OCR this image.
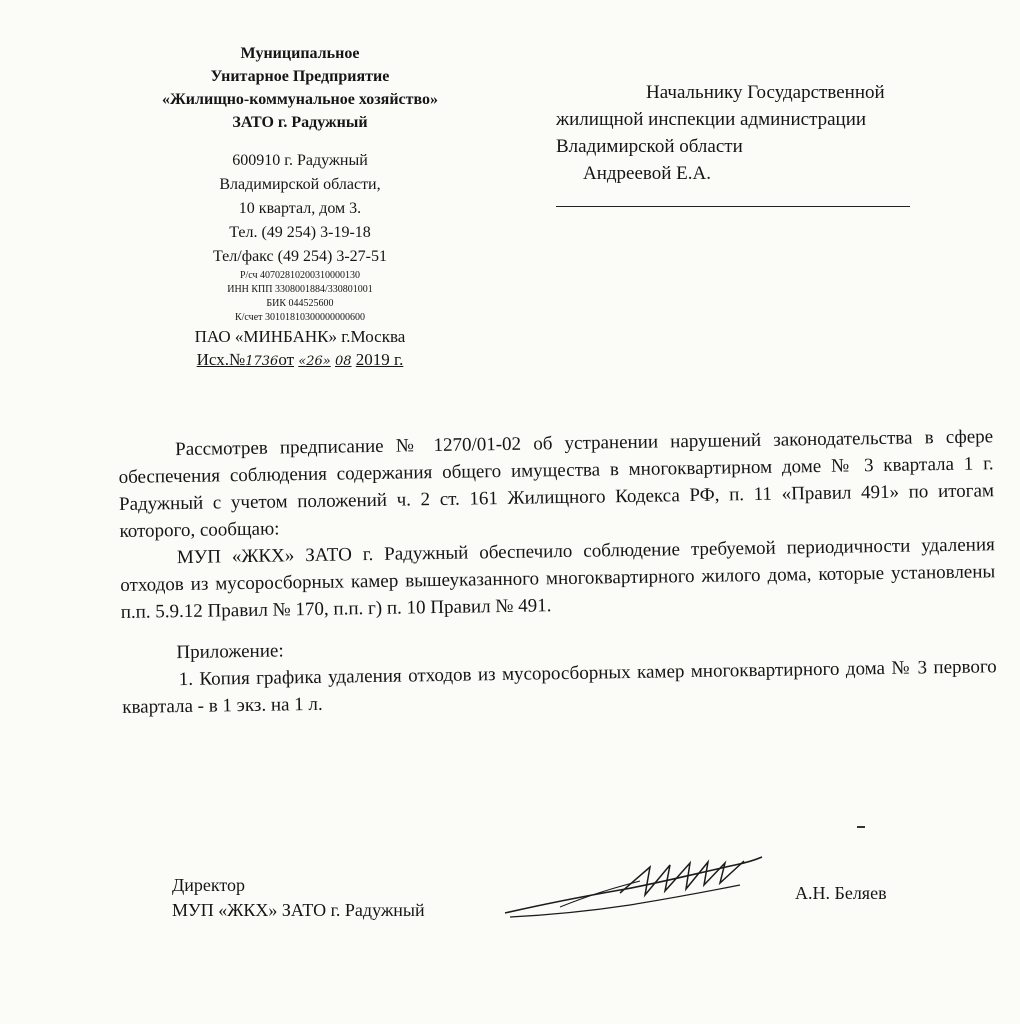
Муниципальное
Унитарное Предприятие
«Жилищно-коммунальное хозяйство»
ЗАТО г. Радужный
600910 г. Радужный
Владимирской области,
10 квартал, дом 3.
Тел. (49 254) 3-19-18
Тел/факс (49 254) 3-27-51
Р/сч 40702810200310000130
ИНН КПП 3308001884/330801001
БИК 044525600
К/счет 30101810300000000600
ПАО «МИНБАНК» г.Москва
Исх.№1736от «26» 08 2019 г.
Начальнику Государственной
жилищной инспекции администрации
Владимирской области
Андреевой Е.А.

Рассмотрев предписание № 1270/01-02 об устранении нарушений законодательства в сфере обеспечения соблюдения содержания общего имущества в многоквартирном доме № 3 квартала 1 г. Радужный с учетом положений ч. 2 ст. 161 Жилищного Кодекса РФ, п. 11 «Правил 491» по итогам которого, сообщаю:

МУП «ЖКХ» ЗАТО г. Радужный обеспечило соблюдение требуемой периодичности удаления отходов из мусоросборных камер вышеуказанного многоквартирного жилого дома, которые установлены п.п. 5.9.12 Правил № 170, п.п. г) п. 10 Правил № 491.

Приложение:

1. Копия графика удаления отходов из мусоросборных камер многоквартирного дома № 3 первого квартала - в 1 экз. на 1 л.

Директор
МУП «ЖКХ» ЗАТО г. Радужный
А.Н. Беляев
